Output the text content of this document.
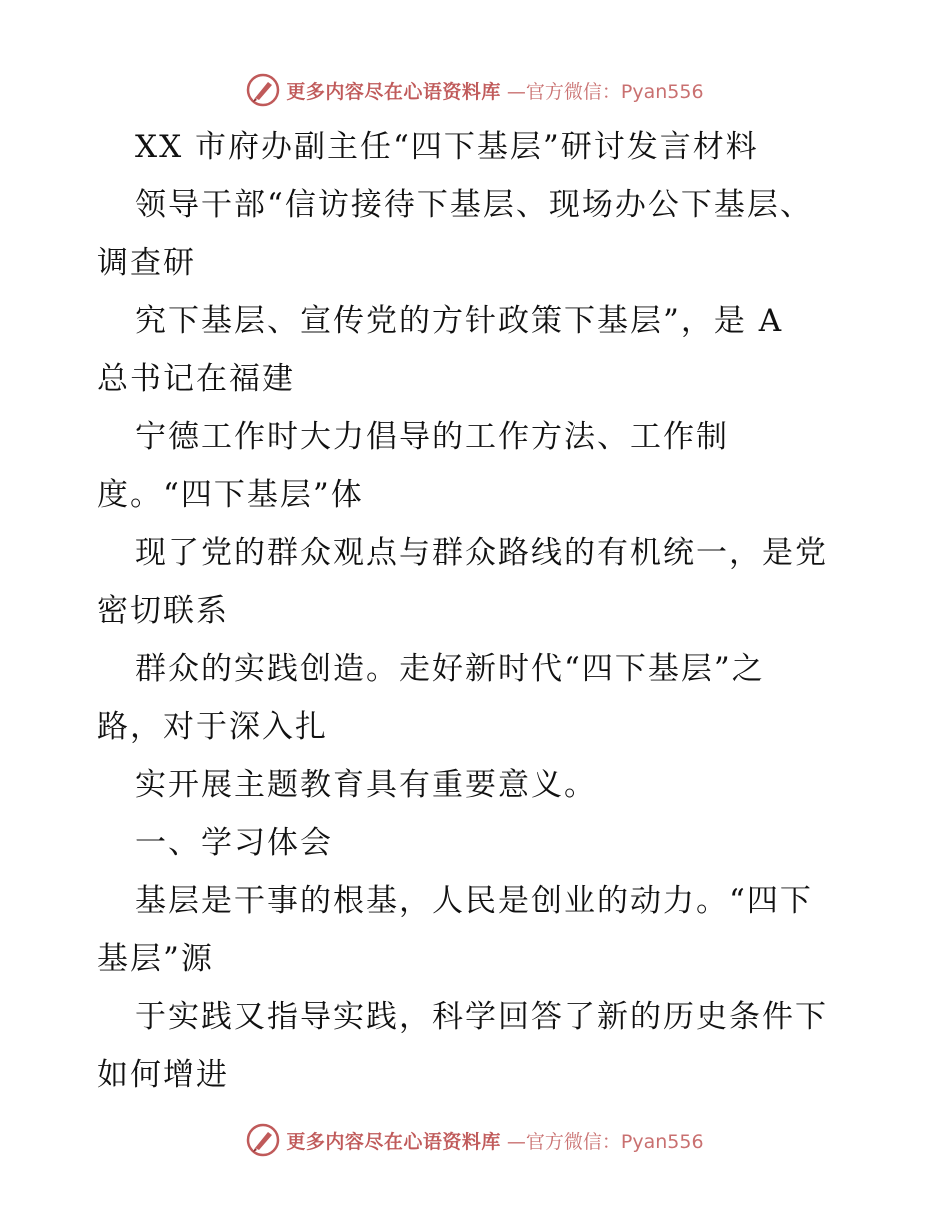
更多内容尽在心语资料库 —官方微信：Pyan556
XX 市府办副主任“四下基层”研讨发言材料
领导干部“信访接待下基层、现场办公下基层、
调查研
究下基层、宣传党的方针政策下基层”，是 A
总书记在福建
宁德工作时大力倡导的工作方法、工作制
度。“四下基层”体
现了党的群众观点与群众路线的有机统一，是党
密切联系
群众的实践创造。走好新时代“四下基层”之
路，对于深入扎
实开展主题教育具有重要意义。
一、学习体会
基层是干事的根基，人民是创业的动力。“四下
基层”源
于实践又指导实践，科学回答了新的历史条件下
如何增进
更多内容尽在心语资料库 —官方微信：Pyan556
